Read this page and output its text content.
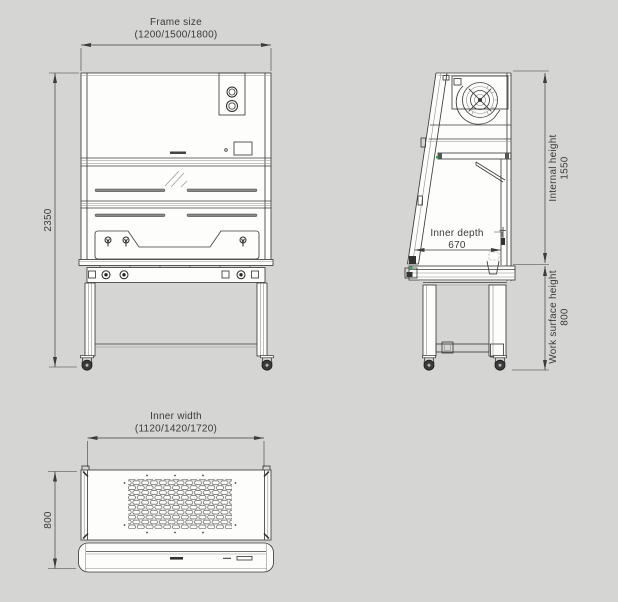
Frame size
(1200/1500/1800)
2350
Inner depth
670
Internal height 1550
Work surface height 800
Inner width
(1120/1420/1720)
800
